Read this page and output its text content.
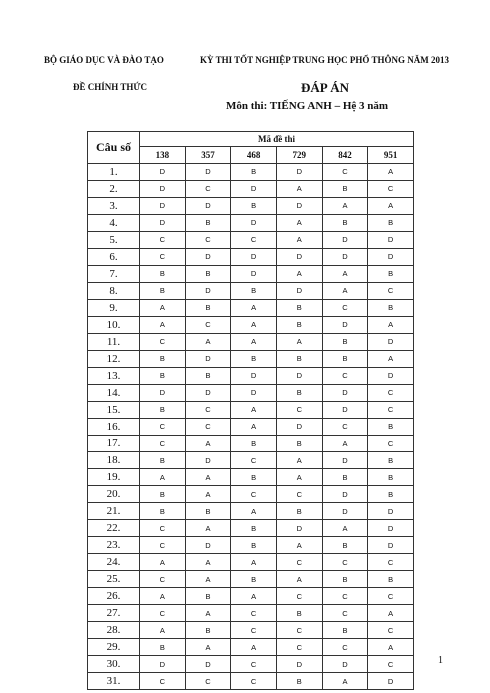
BỘ GIÁO DỤC VÀ ĐÀO TẠO	KỲ THI TỐT NGHIỆP TRUNG HỌC PHỔ THÔNG NĂM 2013
ĐỀ CHÍNH THỨC	ĐÁP ÁN
Môn thi: TIẾNG ANH – Hệ 3 năm
Câu số	Mã đề thi					
	138	357	468	729	842	951
1.	D	D	B	D	C	A
2.	D	C	D	A	B	C
3.	D	D	B	D	A	A
4.	D	B	D	A	B	B
5.	C	C	C	A	D	D
6.	C	D	D	D	D	D
7.	B	B	D	A	A	B
8.	B	D	B	D	A	C
9.	A	B	A	B	C	B
10.	A	C	A	B	D	A
11.	C	A	A	A	B	D
12.	B	D	B	B	B	A
13.	B	B	D	D	C	D
14.	D	D	D	B	D	C
15.	B	C	A	C	D	C
16.	C	C	A	D	C	B
17.	C	A	B	B	A	C
18.	B	D	C	A	D	B
19.	A	A	B	A	B	B
20.	B	A	C	C	D	B
21.	B	B	A	B	D	D
22.	C	A	B	D	A	D
23.	C	D	B	A	B	D
24.	A	A	A	C	C	C
25.	C	A	B	A	B	B
26.	A	B	A	C	C	C
27.	C	A	C	B	C	A
28.	A	B	C	C	B	C
29.	B	A	A	C	C	A
30.	D	D	C	D	D	C
31.	C	C	C	B	A	D
1
